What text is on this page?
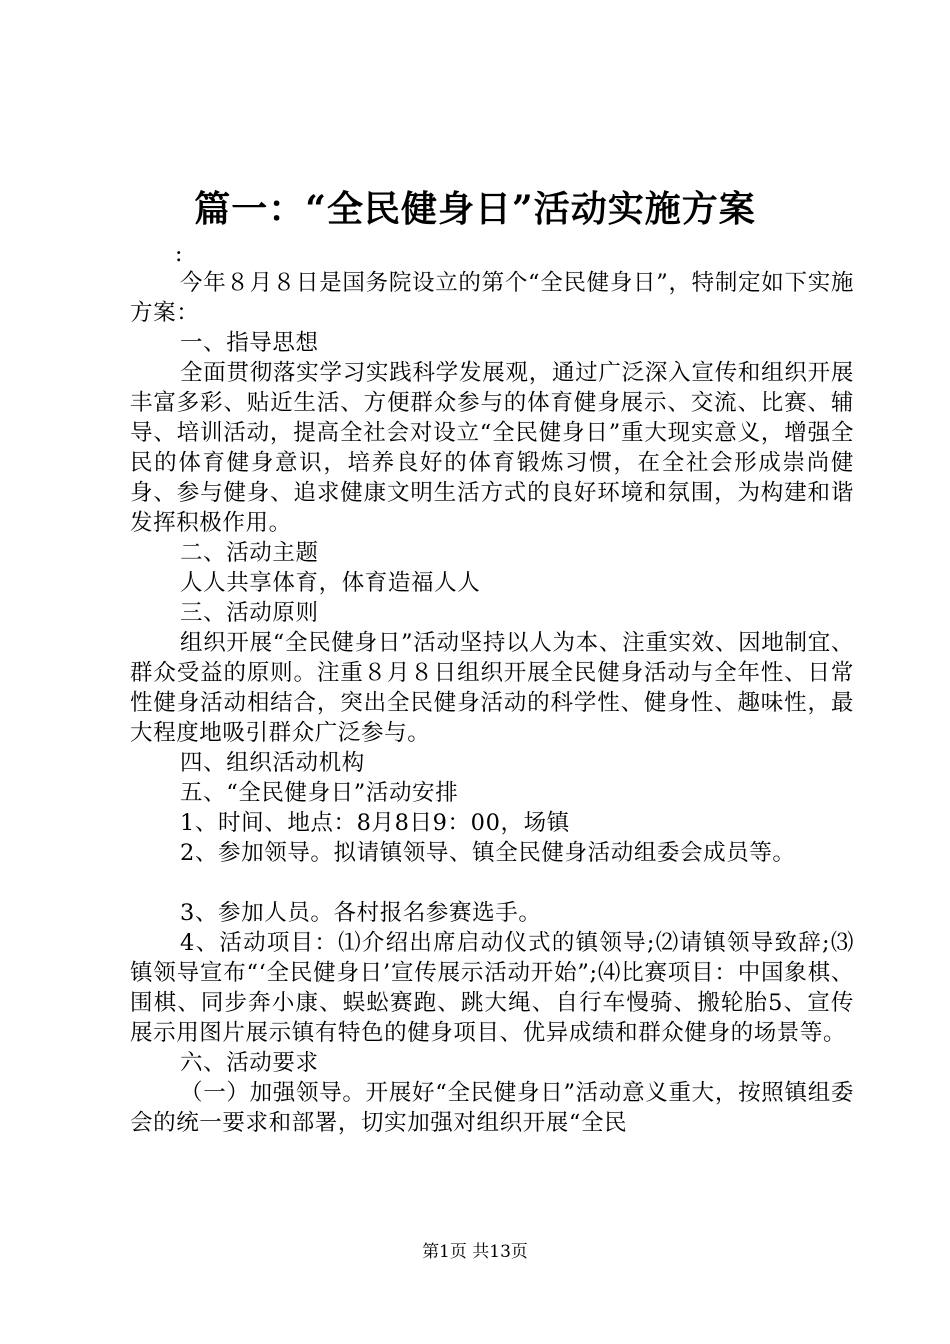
篇一：“全民健身日”活动实施方案
:

今年８月８日是国务院设立的第个“全民健身日”，特制定如下实施方案：

一、指导思想

全面贯彻落实学习实践科学发展观，通过广泛深入宣传和组织开展丰富多彩、贴近生活、方便群众参与的体育健身展示、交流、比赛、辅导、培训活动，提高全社会对设立“全民健身日”重大现实意义，增强全民的体育健身意识，培养良好的体育锻炼习惯，在全社会形成崇尚健身、参与健身、追求健康文明生活方式的良好环境和氛围，为构建和谐发挥积极作用。

二、活动主题

人人共享体育，体育造福人人

三、活动原则

组织开展“全民健身日”活动坚持以人为本、注重实效、因地制宜、群众受益的原则。注重８月８日组织开展全民健身活动与全年性、日常性健身活动相结合，突出全民健身活动的科学性、健身性、趣味性，最大程度地吸引群众广泛参与。

四、组织活动机构

五、“全民健身日”活动安排

1、时间、地点：8月8日9：00，场镇

2、参加领导。拟请镇领导、镇全民健身活动组委会成员等。

3、参加人员。各村报名参赛选手。

4、活动项目：⑴介绍出席启动仪式的镇领导;⑵请镇领导致辞;⑶镇领导宣布“‘全民健身日’宣传展示活动开始”;⑷比赛项目：中国象棋、围棋、同步奔小康、蜈蚣赛跑、跳大绳、自行车慢骑、搬轮胎5、宣传展示用图片展示镇有特色的健身项目、优异成绩和群众健身的场景等。

六、活动要求

（一）加强领导。开展好“全民健身日”活动意义重大，按照镇组委会的统一要求和部署，切实加强对组织开展“全民

第1页 共13页
